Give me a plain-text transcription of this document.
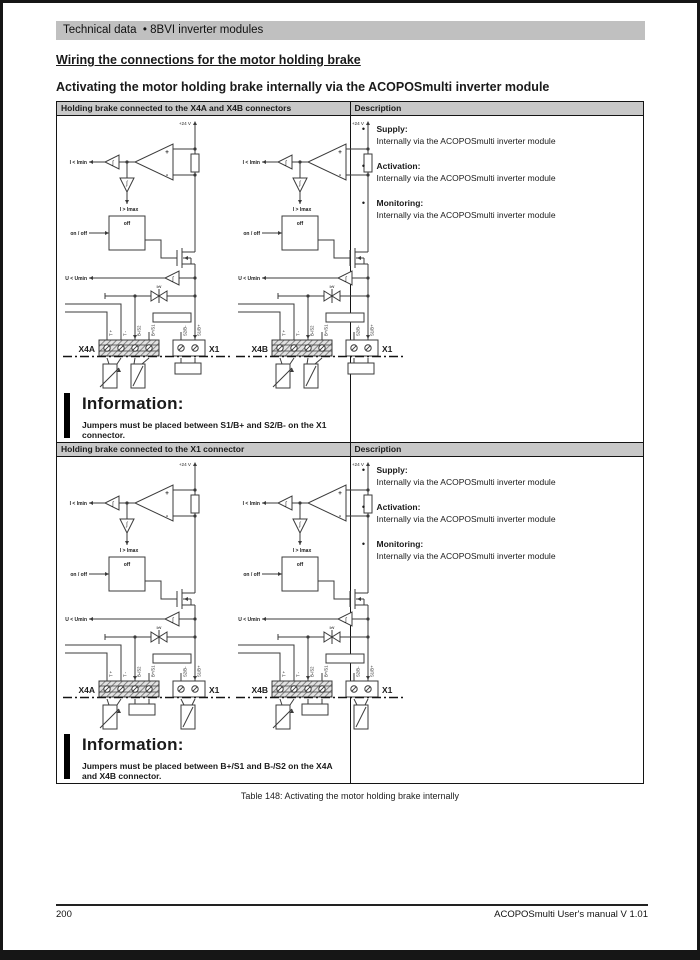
Technical data  • 8BVI inverter modules
Wiring the connections for the motor holding brake
Activating the motor holding brake internally via the ACOPOSmulti inverter module
Holding brake connected to the X4A and X4B connectors	Description

+24 V
+
-
∫
I < Imin
∫
I > Imax
off
on / off
∫
U < Umin
I>V
T + T - B-/S2 B+/S1	S2/B- S1/B+
X4A	X1
+24 V
+
-
∫
I < Imin
∫
I > Imax
off
on / off
∫
U < Umin
I>V
T + T - B-/S2 B+/S1	S2/B- S1/B+
X4B	X1
Information:
Jumpers must be placed between S1/B+ and S2/B- on the X1 connector.

•	Supply:
Internally via the ACOPOSmulti inverter module
•	Activation:
Internally via the ACOPOSmulti inverter module
•	Monitoring:
Internally via the ACOPOSmulti inverter module

Holding brake connected to the X1 connector	Description

+24 V
+
-
∫
I < Imin
∫
I > Imax
off
on / off
∫
U < Umin
I>V
T + T - B-/S2 B+/S1	S2/B- S1/B+
X4A	X1
+24 V
+
-
∫
I < Imin
∫
I > Imax
off
on / off
∫
U < Umin
I>V
T + T - B-/S2 B+/S1	S2/B- S1/B+
X4B	X1
Information:
Jumpers must be placed between B+/S1 and B-/S2 on the X4A and X4B connector.

•	Supply:
Internally via the ACOPOSmulti inverter module
•	Activation:
Internally via the ACOPOSmulti inverter module
•	Monitoring:
Internally via the ACOPOSmulti inverter module
Table 148: Activating the motor holding brake internally
200	ACOPOSmulti User's manual V 1.01
